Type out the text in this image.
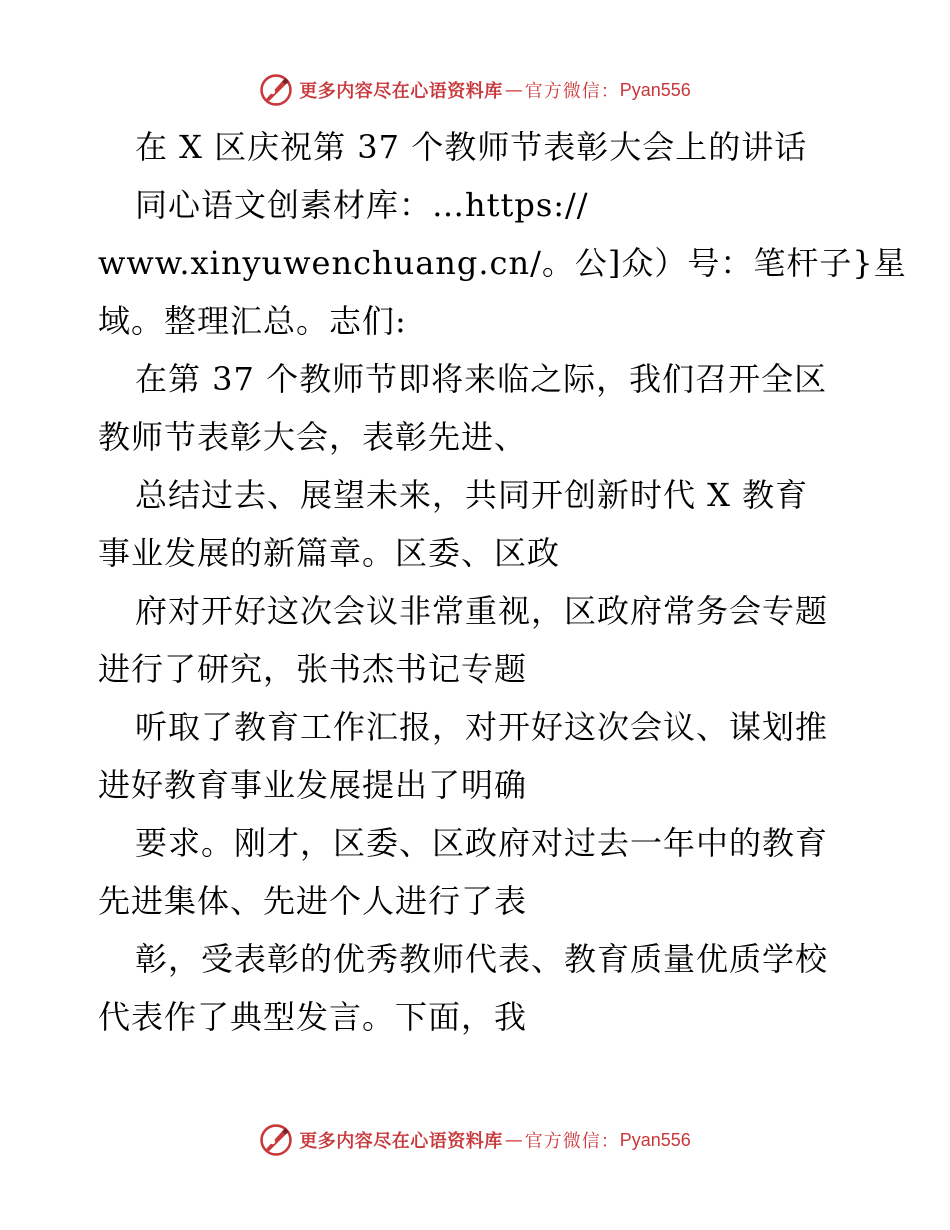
更多内容尽在心语资料库 — 官方微信： Pyan556
在 X 区庆祝第 37 个教师节表彰大会上的讲话
同心语文创素材库：…https://
www.xinyuwenchuang.cn/。公]众）号：笔杆子}星
域。整理汇总。志们:
在第 37 个教师节即将来临之际，我们召开全区
教师节表彰大会，表彰先进、
总结过去、展望未来，共同开创新时代 X 教育
事业发展的新篇章。区委、区政
府对开好这次会议非常重视，区政府常务会专题
进行了研究，张书杰书记专题
听取了教育工作汇报，对开好这次会议、谋划推
进好教育事业发展提出了明确
要求。刚才，区委、区政府对过去一年中的教育
先进集体、先进个人进行了表
彰，受表彰的优秀教师代表、教育质量优质学校
代表作了典型发言。下面，我
更多内容尽在心语资料库 — 官方微信： Pyan556
